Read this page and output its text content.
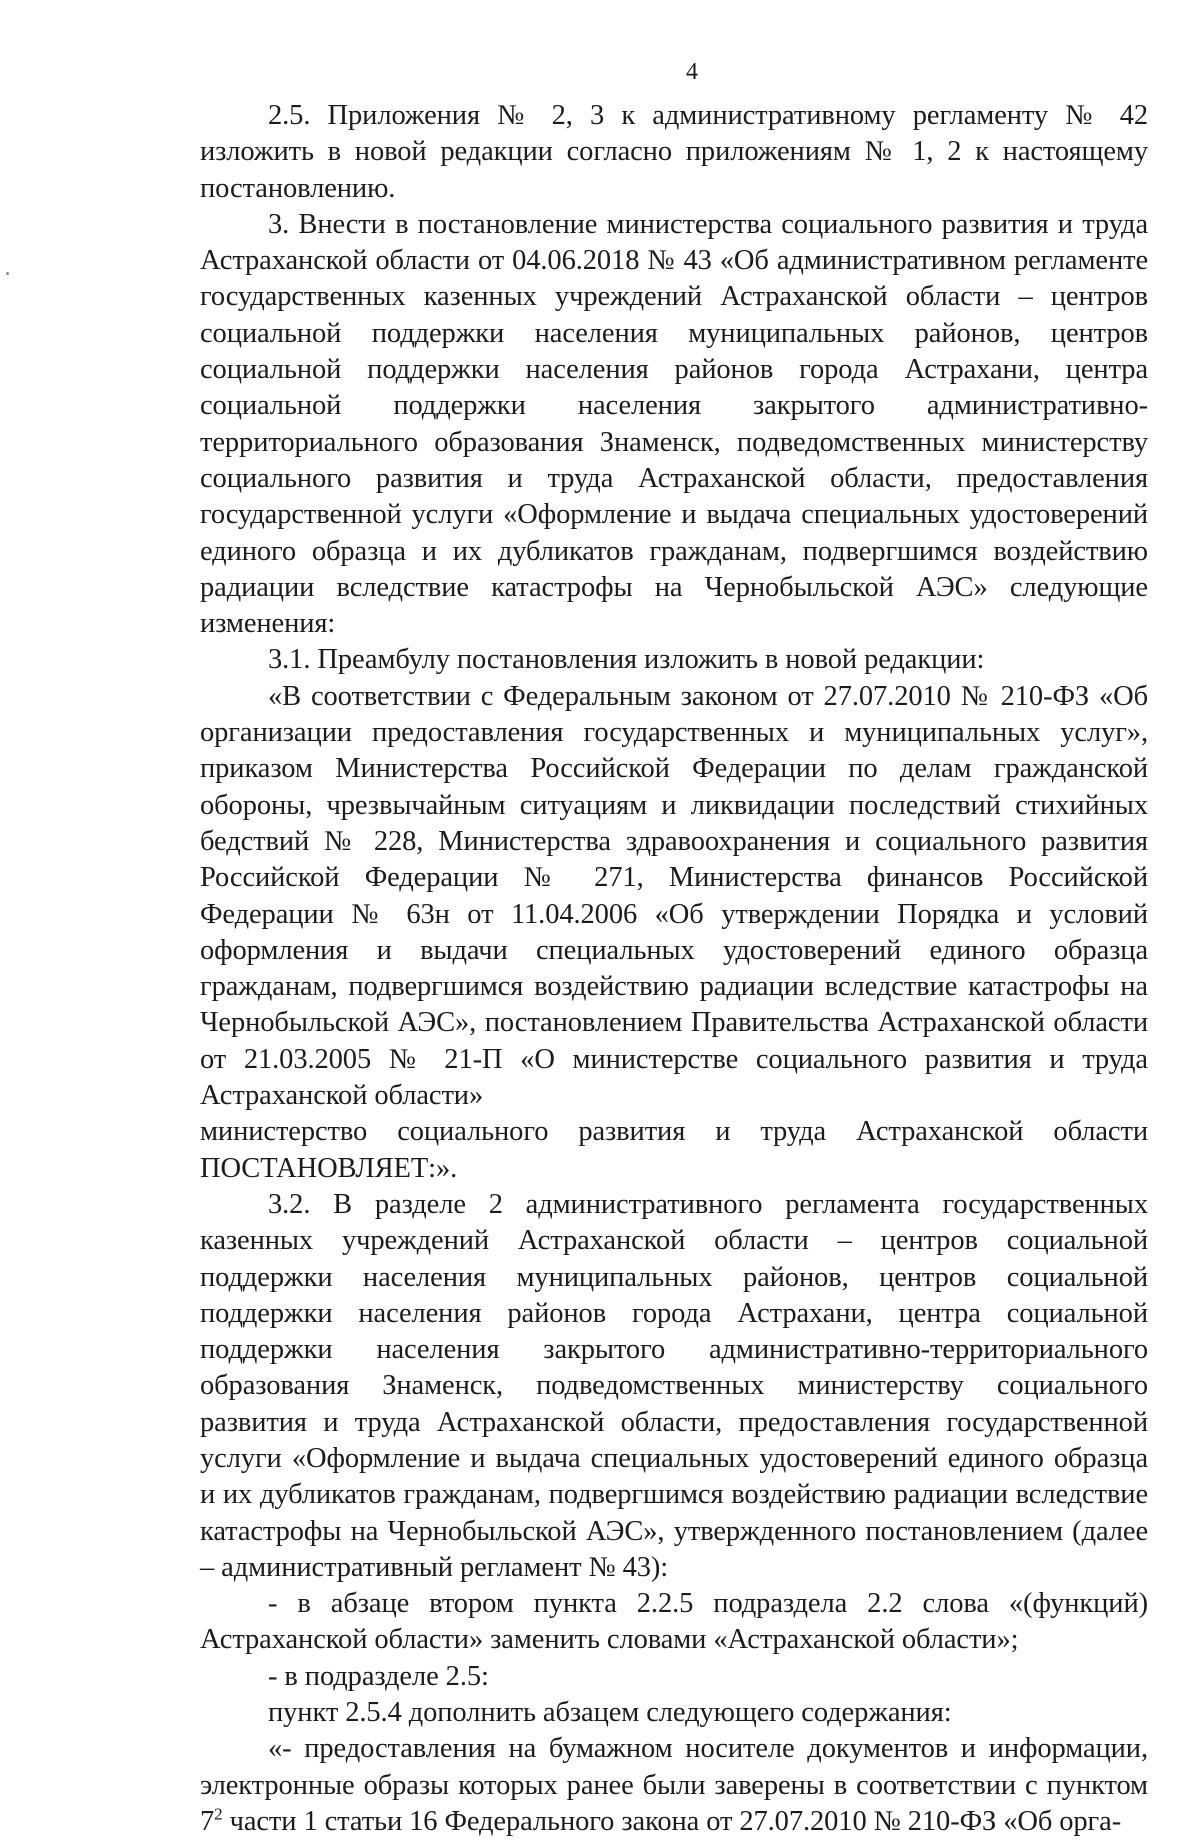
4

2.5. Приложения № 2, 3 к административному регламенту № 42 изложить в новой редакции согласно приложениям № 1, 2 к настоящему постановлению.

3. Внести в постановление министерства социального развития и труда Астраханской области от 04.06.2018 № 43 «Об административном регламенте государственных казенных учреждений Астраханской области – центров социальной поддержки населения муниципальных районов, центров социальной поддержки населения районов города Астрахани, центра социальной поддержки населения закрытого административно-территориального образования Знаменск, подведомственных министерству социального развития и труда Астраханской области, предоставления государственной услуги «Оформление и выдача специальных удостоверений единого образца и их дубликатов гражданам, подвергшимся воздействию радиации вследствие катастрофы на Чернобыльской АЭС» следующие изменения:

3.1. Преамбулу постановления изложить в новой редакции:

«В соответствии с Федеральным законом от 27.07.2010 № 210-ФЗ «Об организации предоставления государственных и муниципальных услуг», приказом Министерства Российской Федерации по делам гражданской обороны, чрезвычайным ситуациям и ликвидации последствий стихийных бедствий № 228, Министерства здравоохранения и социального развития Российской Федерации № 271, Министерства финансов Российской Федерации № 63н от 11.04.2006 «Об утверждении Порядка и условий оформления и выдачи специальных удостоверений единого образца гражданам, подвергшимся воздействию радиации вследствие катастрофы на Чернобыльской АЭС», постановлением Правительства Астраханской области от 21.03.2005 № 21-П «О министерстве социального развития и труда Астраханской области»

министерство социального развития и труда Астраханской области

ПОСТАНОВЛЯЕТ:».

3.2. В разделе 2 административного регламента государственных казенных учреждений Астраханской области – центров социальной поддержки населения муниципальных районов, центров социальной поддержки населения районов города Астрахани, центра социальной поддержки населения закрытого административно-территориального образования Знаменск, подведомственных министерству социального развития и труда Астраханской области, предоставления государственной услуги «Оформление и выдача специальных удостоверений единого образца и их дубликатов гражданам, подвергшимся воздействию радиации вследствие катастрофы на Чернобыльской АЭС», утвержденного постановлением (далее – административный регламент № 43):

- в абзаце втором пункта 2.2.5 подраздела 2.2 слова «(функций) Астраханской области» заменить словами «Астраханской области»;

- в подразделе 2.5:

пункт 2.5.4 дополнить абзацем следующего содержания:

«- предоставления на бумажном носителе документов и информации, электронные образы которых ранее были заверены в соответствии с пунктом $7^2$ части 1 статьи 16 Федерального закона от 27.07.2010 № 210-ФЗ «Об орга-
